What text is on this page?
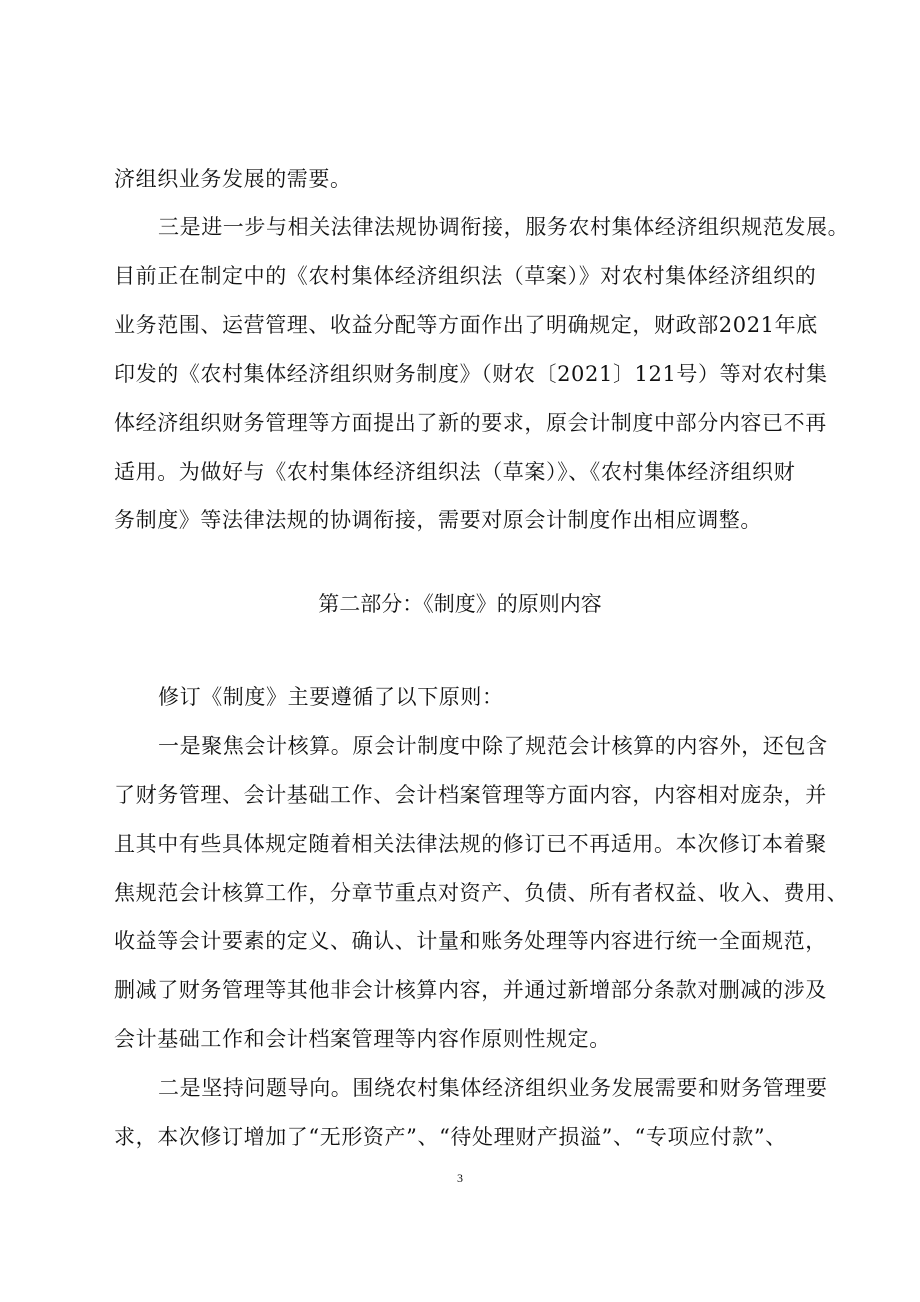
济组织业务发展的需要。
三是进一步与相关法律法规协调衔接，服务农村集体经济组织规范发展。
目前正在制定中的《农村集体经济组织法（草案）》对农村集体经济组织的
业务范围、运营管理、收益分配等方面作出了明确规定，财政部2021年底
印发的《农村集体经济组织财务制度》（财农〔2021〕121号）等对农村集
体经济组织财务管理等方面提出了新的要求，原会计制度中部分内容已不再
适用。为做好与《农村集体经济组织法（草案）》、《农村集体经济组织财
务制度》等法律法规的协调衔接，需要对原会计制度作出相应调整。
第二部分：《制度》的原则内容
修订《制度》主要遵循了以下原则：
一是聚焦会计核算。原会计制度中除了规范会计核算的内容外，还包含
了财务管理、会计基础工作、会计档案管理等方面内容，内容相对庞杂，并
且其中有些具体规定随着相关法律法规的修订已不再适用。本次修订本着聚
焦规范会计核算工作，分章节重点对资产、负债、所有者权益、收入、费用、
收益等会计要素的定义、确认、计量和账务处理等内容进行统一全面规范，
删减了财务管理等其他非会计核算内容，并通过新增部分条款对删减的涉及
会计基础工作和会计档案管理等内容作原则性规定。
二是坚持问题导向。围绕农村集体经济组织业务发展需要和财务管理要
求，本次修订增加了“无形资产”、“待处理财产损溢”、“专项应付款”、
3
